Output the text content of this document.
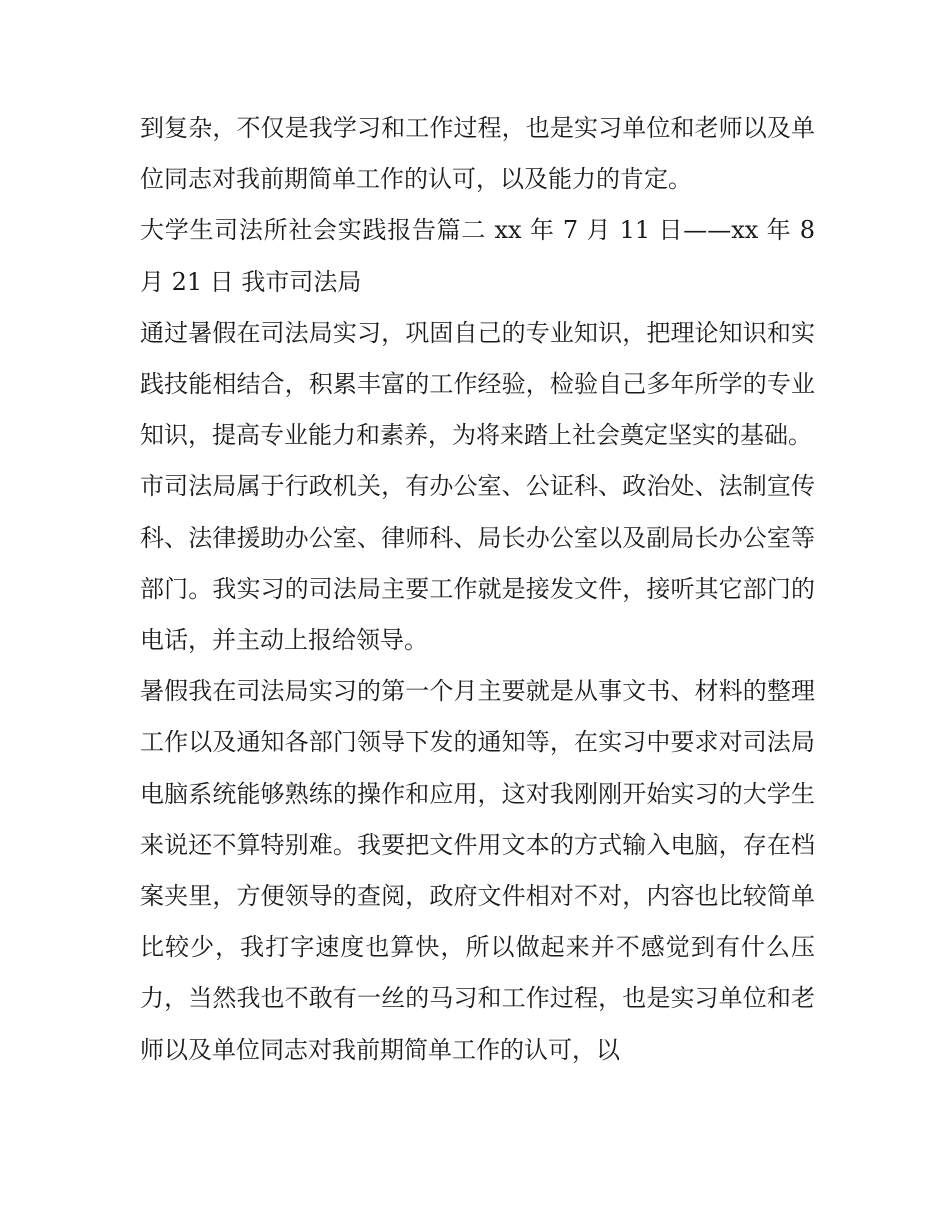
到复杂，不仅是我学习和工作过程，也是实习单位和老师以及单位同志对我前期简单工作的认可，以及能力的肯定。

大学生司法所社会实践报告篇二 xx 年 7 月 11 日——xx 年 8 月 21 日 我市司法局

通过暑假在司法局实习，巩固自己的专业知识，把理论知识和实践技能相结合，积累丰富的工作经验，检验自己多年所学的专业知识，提高专业能力和素养，为将来踏上社会奠定坚实的基础。

市司法局属于行政机关，有办公室、公证科、政治处、法制宣传科、法律援助办公室、律师科、局长办公室以及副局长办公室等部门。我实习的司法局主要工作就是接发文件，接听其它部门的电话，并主动上报给领导。

暑假我在司法局实习的第一个月主要就是从事文书、材料的整理工作以及通知各部门领导下发的通知等，在实习中要求对司法局电脑系统能够熟练的操作和应用，这对我刚刚开始实习的大学生来说还不算特别难。我要把文件用文本的方式输入电脑，存在档案夹里，方便领导的查阅，政府文件相对不对，内容也比较简单比较少，我打字速度也算快，所以做起来并不感觉到有什么压力，当然我也不敢有一丝的马习和工作过程，也是实习单位和老师以及单位同志对我前期简单工作的认可，以
